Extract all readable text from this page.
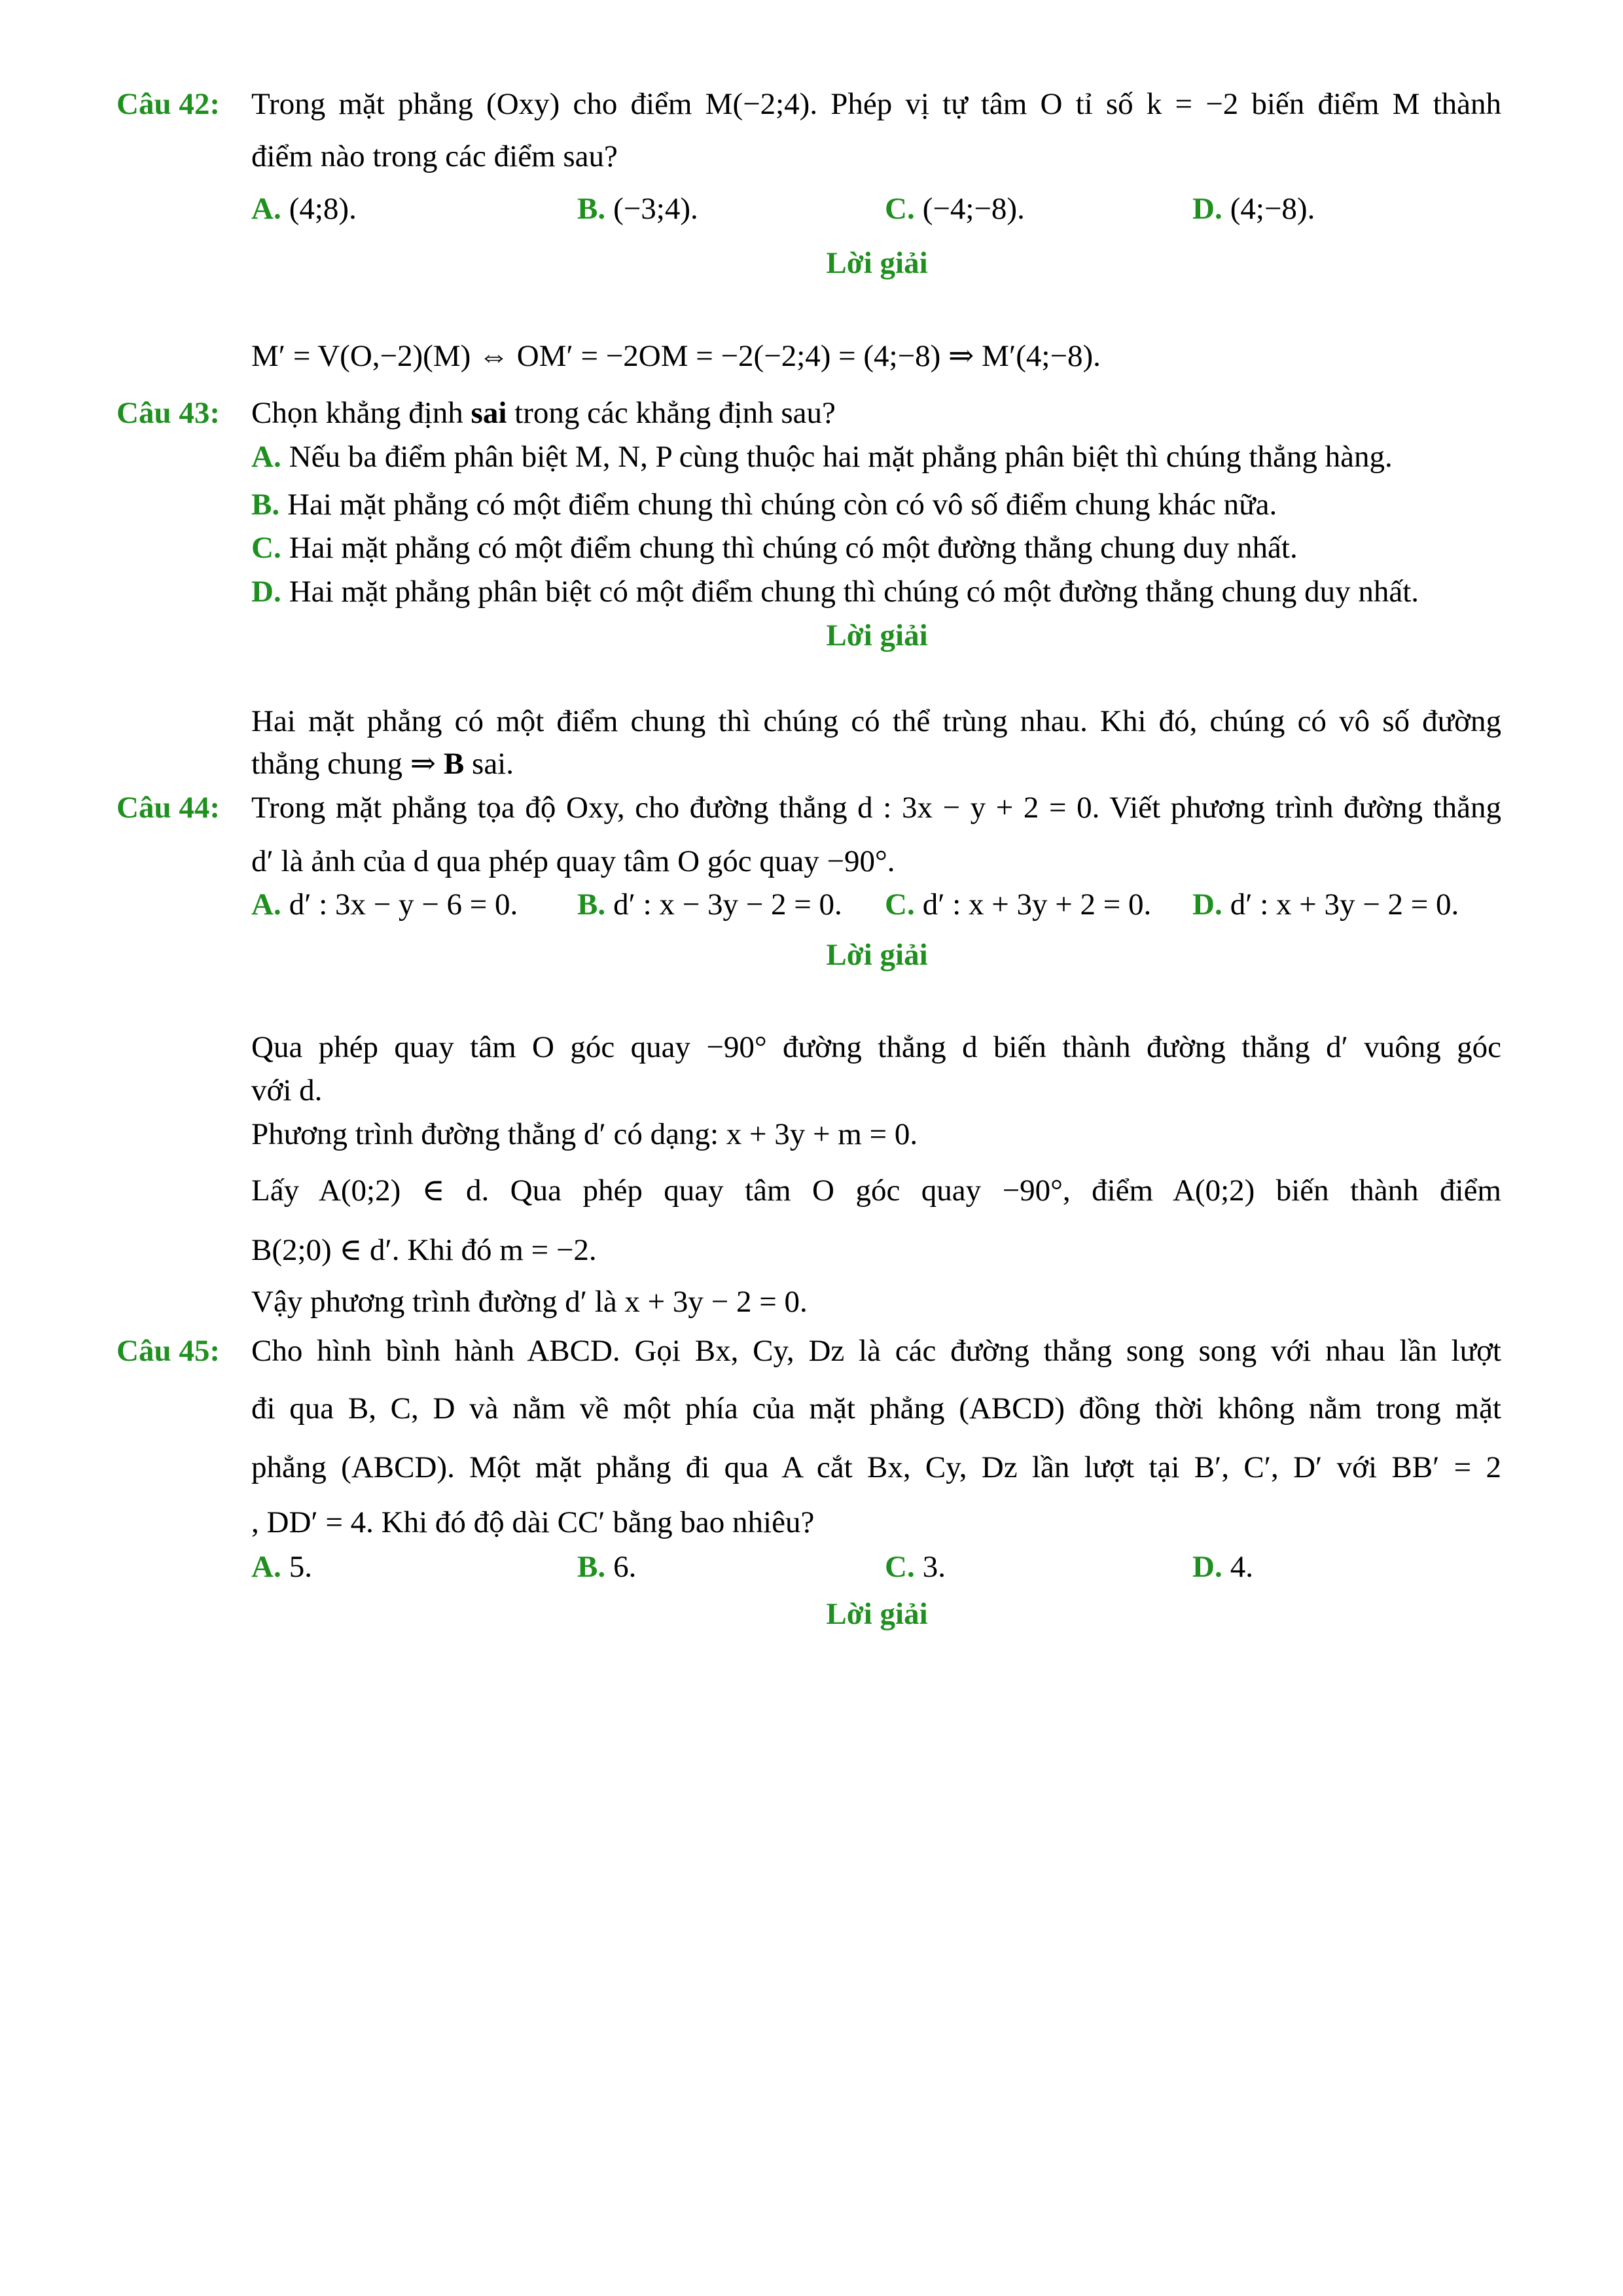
Câu 42: Trong mặt phẳng (Oxy) cho điểm M(−2;4). Phép vị tự tâm O tỉ số k = −2 biến điểm M thành
điểm nào trong các điểm sau?
A. (4;8).	B. (−3;4).	C. (−4;−8).	D. (4;−8).
Lời giải
M′ = V(O,−2)(M) ⇔ OM′ = −2OM = −2(−2;4) = (4;−8) ⇒ M′(4;−8).
Câu 43: Chọn khẳng định sai trong các khẳng định sau?
A. Nếu ba điểm phân biệt M, N, P cùng thuộc hai mặt phẳng phân biệt thì chúng thẳng hàng.
B. Hai mặt phẳng có một điểm chung thì chúng còn có vô số điểm chung khác nữa.
C. Hai mặt phẳng có một điểm chung thì chúng có một đường thẳng chung duy nhất.
D. Hai mặt phẳng phân biệt có một điểm chung thì chúng có một đường thẳng chung duy nhất.
Lời giải
Hai mặt phẳng có một điểm chung thì chúng có thể trùng nhau. Khi đó, chúng có vô số đường
thẳng chung ⇒ B sai.
Câu 44: Trong mặt phẳng tọa độ Oxy, cho đường thẳng d : 3x − y + 2 = 0. Viết phương trình đường thẳng
d′ là ảnh của d qua phép quay tâm O góc quay −90°.
A. d′ : 3x − y − 6 = 0. B. d′ : x − 3y − 2 = 0. C. d′ : x + 3y + 2 = 0. D. d′ : x + 3y − 2 = 0.
Lời giải
Qua phép quay tâm O góc quay −90° đường thẳng d biến thành đường thẳng d′ vuông góc
với d.
Phương trình đường thẳng d′ có dạng: x + 3y + m = 0.
Lấy A(0;2) ∈ d. Qua phép quay tâm O góc quay −90°, điểm A(0;2) biến thành điểm
B(2;0) ∈ d′. Khi đó m = −2.
Vậy phương trình đường d′ là x + 3y − 2 = 0.
Câu 45: Cho hình bình hành ABCD. Gọi Bx, Cy, Dz là các đường thẳng song song với nhau lần lượt
đi qua B, C, D và nằm về một phía của mặt phẳng (ABCD) đồng thời không nằm trong mặt
phẳng (ABCD). Một mặt phẳng đi qua A cắt Bx, Cy, Dz lần lượt tại B′, C′, D′ với BB′ = 2
, DD′ = 4. Khi đó độ dài CC′ bằng bao nhiêu?
A. 5.	B. 6.	C. 3.	D. 4.
Lời giải
